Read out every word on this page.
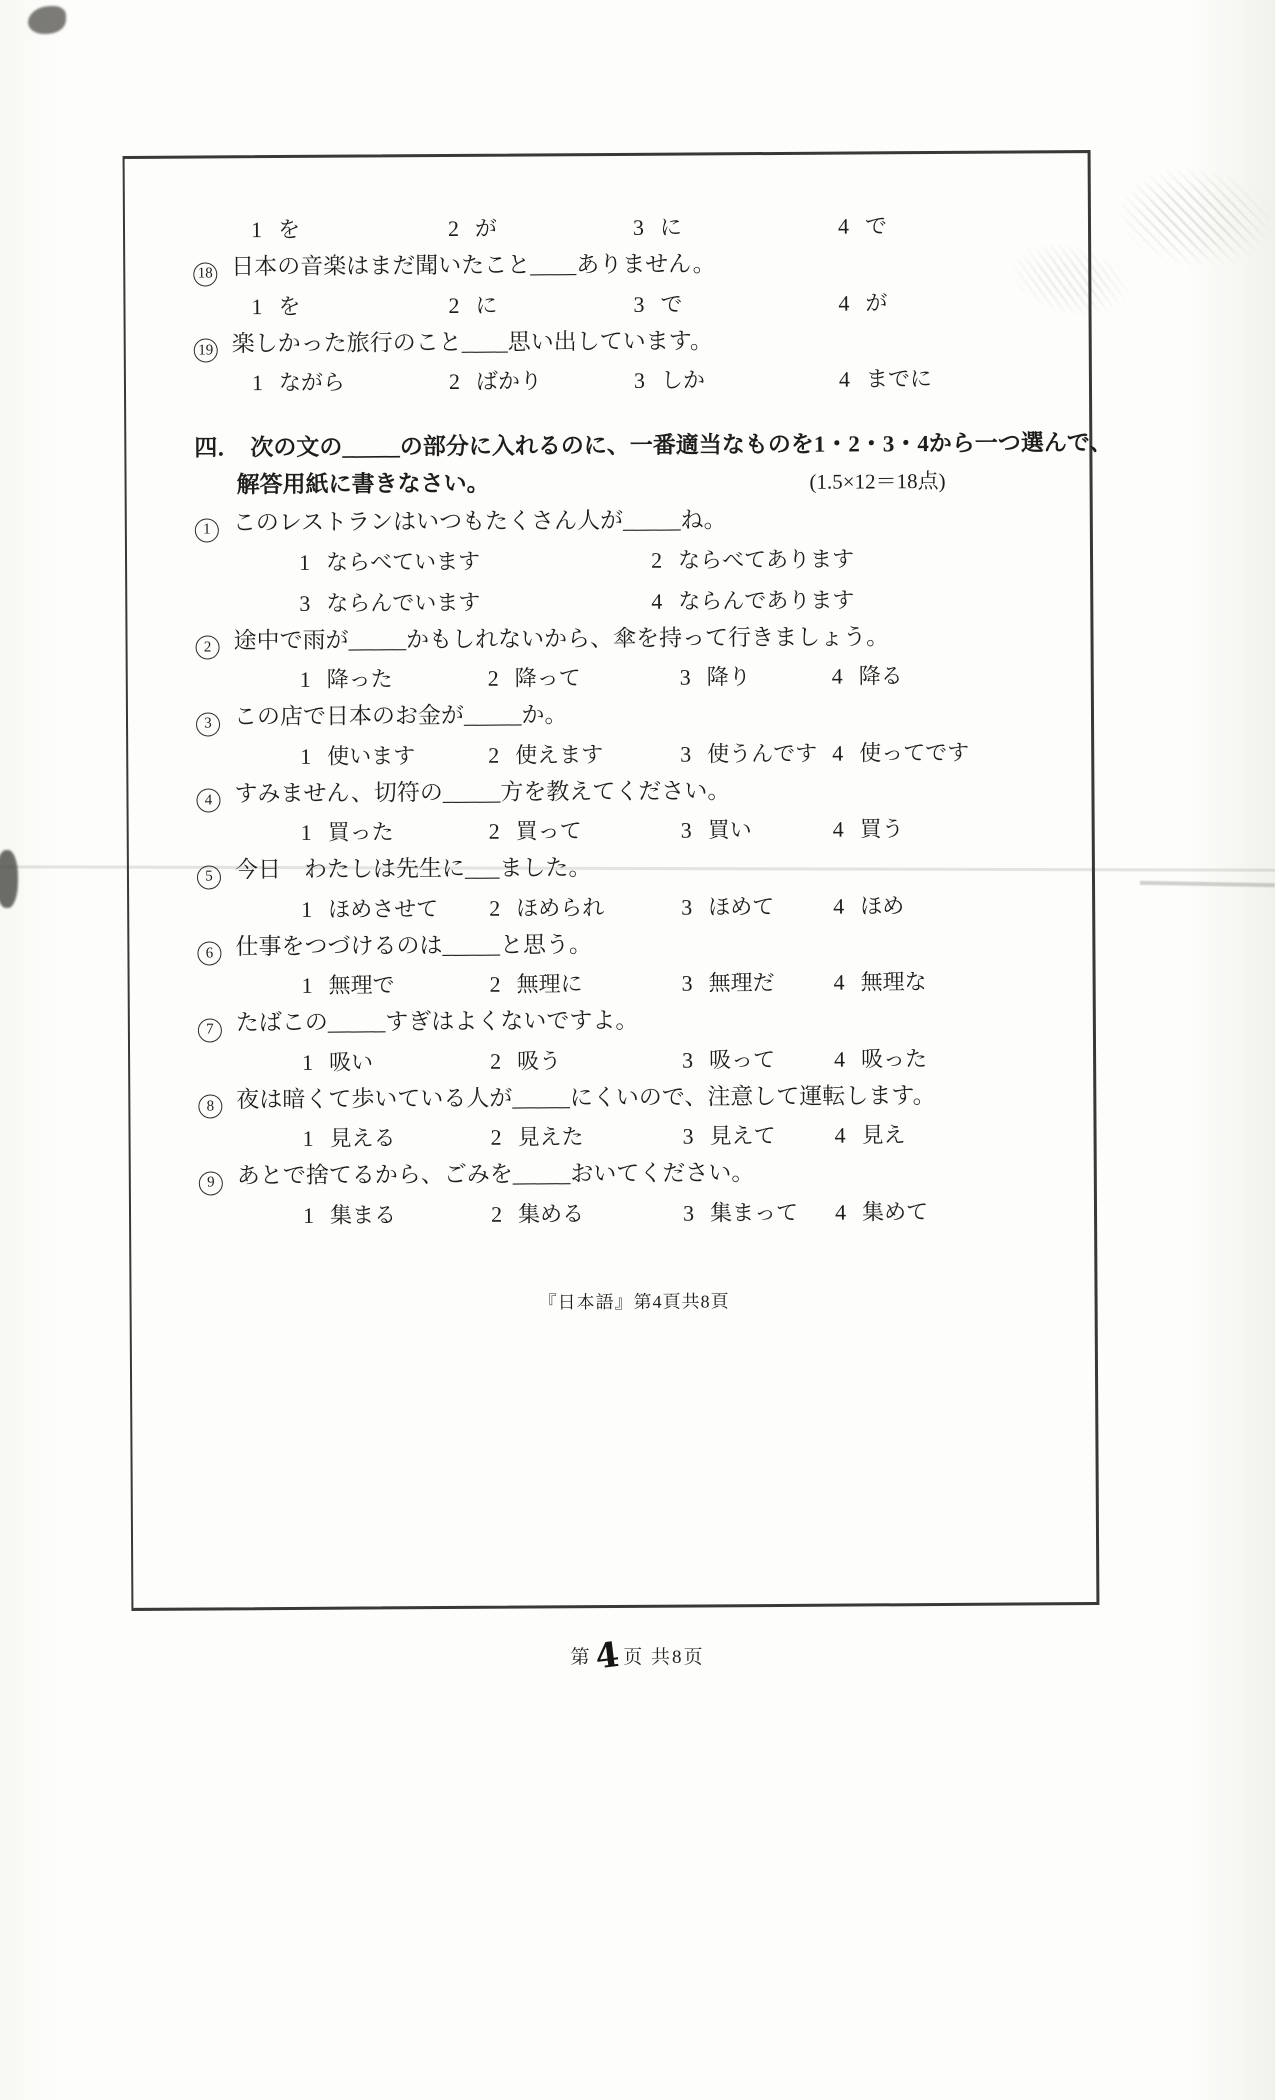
1 を	2 が	3 に	4 で
18 日本の音楽はまだ聞いたこと____ありません。
1 を	2 に	3 で	4 が
19 楽しかった旅行のこと____思い出しています。
1 ながら	2 ばかり	3 しか	4 までに
四． 次の文の_____の部分に入れるのに、一番適当なものを1・2・3・4から一つ選んで、
解答用紙に書きなさい。	(1.5×12＝18点)
1 このレストランはいつもたくさん人が_____ね。
1 ならべています	2 ならべてあります
3 ならんでいます	4 ならんであります
2 途中で雨が_____かもしれないから、傘を持って行きましょう。
1 降った	2 降って	3 降り	4 降る
3 この店で日本のお金が_____か。
1 使います	2 使えます	3 使うんです 4 使ってです
4 すみません、切符の_____方を教えてください。
1 買った	2 買って	3 買い	4 買う
5 今日　わたしは先生に___ました。
1 ほめさせて	2 ほめられ	3 ほめて	4 ほめ
6 仕事をつづけるのは_____と思う。
1 無理で	2 無理に	3 無理だ	4 無理な
7 たばこの_____すぎはよくないですよ。
1 吸い	2 吸う	3 吸って	4 吸った
8 夜は暗くて歩いている人が_____にくいので、注意して運転します。
1 見える	2 見えた	3 見えて	4 見え
9 あとで捨てるから、ごみを_____おいてください。
1 集まる	2 集める	3 集まって	4 集めて
『日本語』第4頁共8頁
第4页 共8页
